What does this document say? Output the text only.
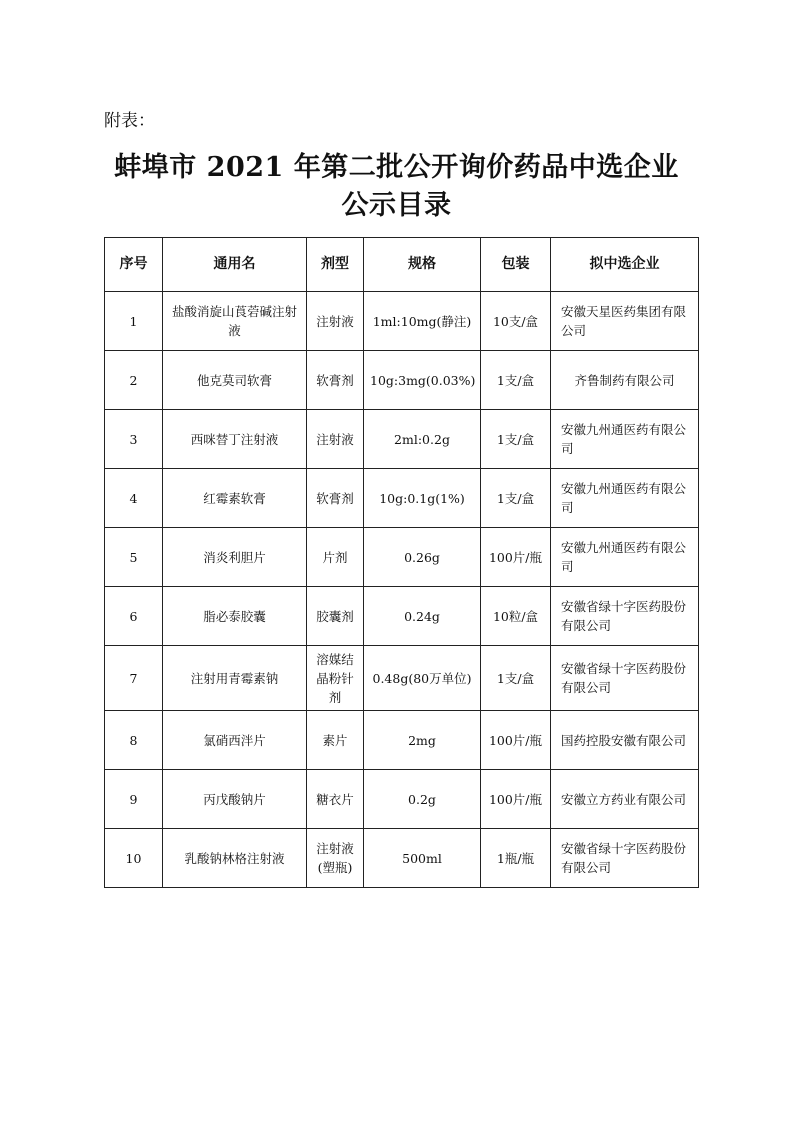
附表：
蚌埠市 2021 年第二批公开询价药品中选企业
公示目录
序号	通用名	剂型	规格	包装	拟中选企业
1	盐酸消旋山莨菪碱注射液	注射液	1ml:10mg(静注)	10支/盒	安徽天星医药集团有限公司
2	他克莫司软膏	软膏剂	10g:3mg(0.03%)	1支/盒	齐鲁制药有限公司
3	西咪替丁注射液	注射液	2ml:0.2g	1支/盒	安徽九州通医药有限公司
4	红霉素软膏	软膏剂	10g:0.1g(1%)	1支/盒	安徽九州通医药有限公司
5	消炎利胆片	片剂	0.26g	100片/瓶	安徽九州通医药有限公司
6	脂必泰胶囊	胶囊剂	0.24g	10粒/盒	安徽省绿十字医药股份有限公司
7	注射用青霉素钠	溶媒结晶粉针剂	0.48g(80万单位)	1支/盒	安徽省绿十字医药股份有限公司
8	氯硝西泮片	素片	2mg	100片/瓶	国药控股安徽有限公司
9	丙戊酸钠片	糖衣片	0.2g	100片/瓶	安徽立方药业有限公司
10	乳酸钠林格注射液	注射液(塑瓶)	500ml	1瓶/瓶	安徽省绿十字医药股份有限公司
